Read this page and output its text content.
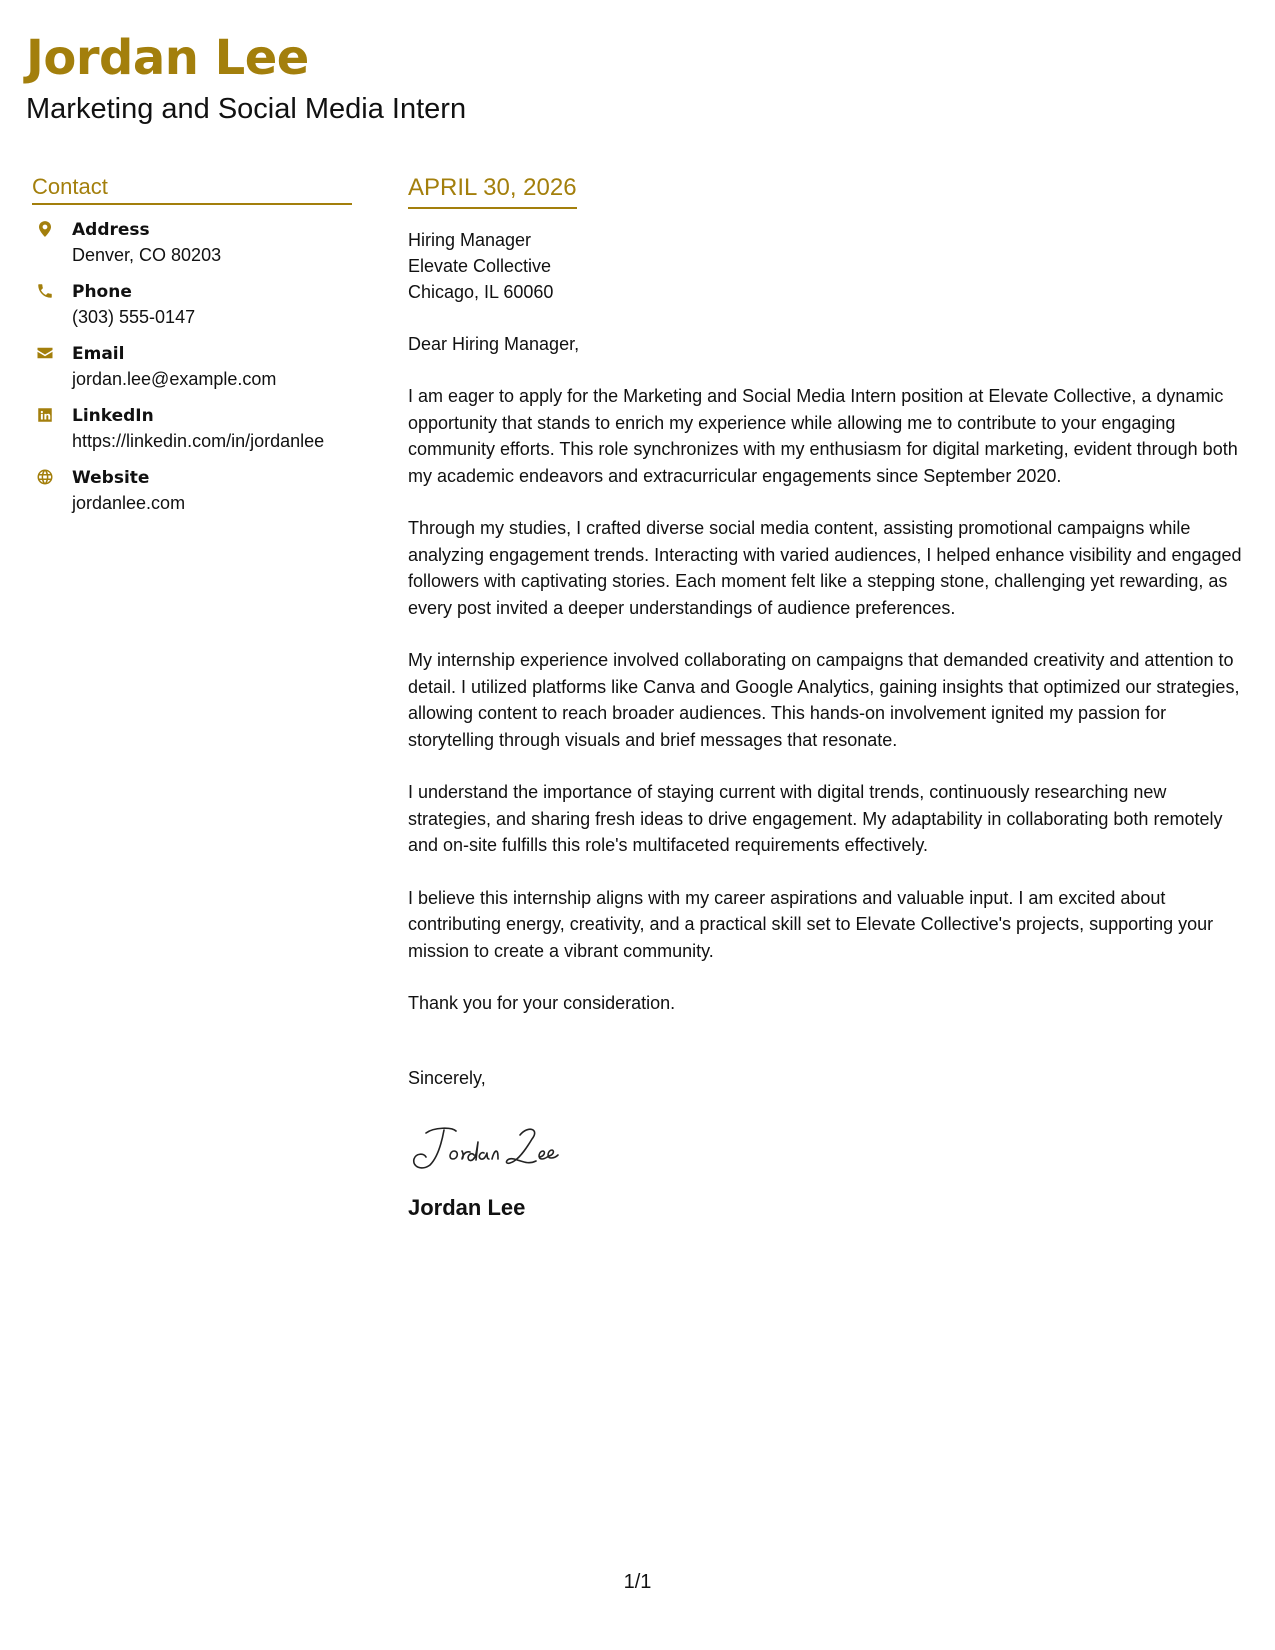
Jordan Lee
Marketing and Social Media Intern
Contact
Address
Denver, CO 80203
Phone
(303) 555-0147
Email
jordan.lee@example.com
LinkedIn
https://linkedin.com/in/jordanlee
Website
jordanlee.com
APRIL 30, 2026
Hiring Manager
Elevate Collective
Chicago, IL 60060

Dear Hiring Manager,

I am eager to apply for the Marketing and Social Media Intern position at Elevate Collective, a dynamic opportunity that stands to enrich my experience while allowing me to contribute to your engaging community efforts. This role synchronizes with my enthusiasm for digital marketing, evident through both my academic endeavors and extracurricular engagements since September 2020.

Through my studies, I crafted diverse social media content, assisting promotional campaigns while analyzing engagement trends. Interacting with varied audiences, I helped enhance visibility and engaged followers with captivating stories. Each moment felt like a stepping stone, challenging yet rewarding, as every post invited a deeper understandings of audience preferences.

My internship experience involved collaborating on campaigns that demanded creativity and attention to detail. I utilized platforms like Canva and Google Analytics, gaining insights that optimized our strategies, allowing content to reach broader audiences. This hands-on involvement ignited my passion for storytelling through visuals and brief messages that resonate.

I understand the importance of staying current with digital trends, continuously researching new strategies, and sharing fresh ideas to drive engagement. My adaptability in collaborating both remotely and on-site fulfills this role's multifaceted requirements effectively.

I believe this internship aligns with my career aspirations and valuable input. I am excited about contributing energy, creativity, and a practical skill set to Elevate Collective's projects, supporting your mission to create a vibrant community.

Thank you for your consideration.

Sincerely,
Jordan Lee
1/1
